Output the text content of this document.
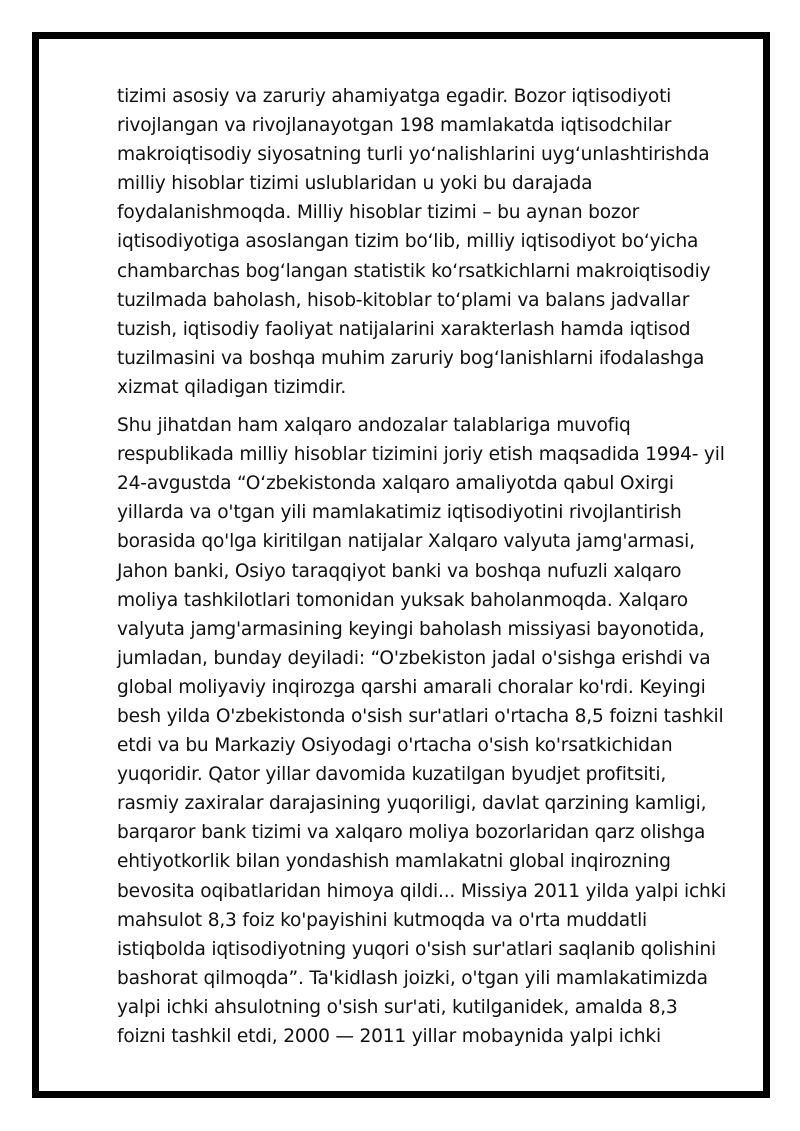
tizimi asosiy va zaruriy ahamiyatga egadir. Bozor iqtisodiyoti
rivojlangan va rivojlanayotgan 198 mamlakatda iqtisodchilar
makroiqtisodiy siyosatning turli yo‘nalishlarini uyg‘unlashtirishda
milliy hisoblar tizimi uslublaridan u yoki bu darajada
foydalanishmoqda. Milliy hisoblar tizimi – bu aynan bozor
iqtisodiyotiga asoslangan tizim bo‘lib, milliy iqtisodiyot bo‘yicha
chambarchas bog‘langan statistik ko‘rsatkichlarni makroiqtisodiy
tuzilmada baholash, hisob-kitoblar to‘plami va balans jadvallar
tuzish, iqtisodiy faoliyat natijalarini xarakterlash hamda iqtisod
tuzilmasini va boshqa muhim zaruriy bog‘lanishlarni ifodalashga
xizmat qiladigan tizimdir.

Shu jihatdan ham xalqaro andozalar talablariga muvofiq
respublikada milliy hisoblar tizimini joriy etish maqsadida 1994- yil
24-avgustda “O‘zbekistonda xalqaro amaliyotda qabul Oxirgi
yillarda va o'tgan yili mamlakatimiz iqtisodiyotini rivojlantirish
borasida qo'lga kiritilgan natijalar Xalqaro valyuta jamg'armasi,
Jahon banki, Osiyo taraqqiyot banki va boshqa nufuzli xalqaro
moliya tashkilotlari tomonidan yuksak baholanmoqda. Xalqaro
valyuta jamg'armasining keyingi baholash missiyasi bayonotida,
jumladan, bunday deyiladi: “O'zbekiston jadal o'sishga erishdi va
global moliyaviy inqirozga qarshi amarali choralar ko'rdi. Keyingi
besh yilda O'zbekistonda o'sish sur'atlari o'rtacha 8,5 foizni tashkil
etdi va bu Markaziy Osiyodagi o'rtacha o'sish ko'rsatkichidan
yuqoridir. Qator yillar davomida kuzatilgan byudjet profitsiti,
rasmiy zaxiralar darajasining yuqoriligi, davlat qarzining kamligi,
barqaror bank tizimi va xalqaro moliya bozorlaridan qarz olishga
ehtiyotkorlik bilan yondashish mamlakatni global inqirozning
bevosita oqibatlaridan himoya qildi... Missiya 2011 yilda yalpi ichki
mahsulot 8,3 foiz ko'payishini kutmoqda va o'rta muddatli
istiqbolda iqtisodiyotning yuqori o'sish sur'atlari saqlanib qolishini
bashorat qilmoqda”. Ta'kidlash joizki, o'tgan yili mamlakatimizda
yalpi ichki ahsulotning o'sish sur'ati, kutilganidek, amalda 8,3
foizni tashkil etdi, 2000 — 2011 yillar mobaynida yalpi ichki
